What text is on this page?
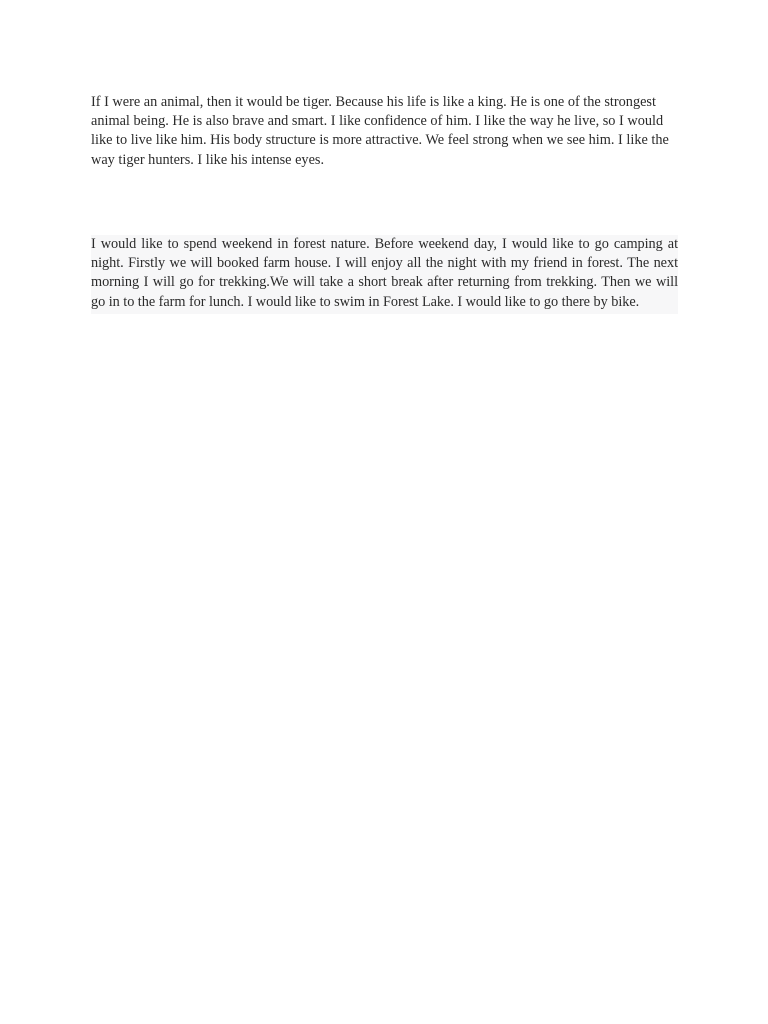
If I were an animal, then it would be tiger. Because his life is like a king. He is one of the strongest animal being. He is also brave and smart. I like confidence of him. I like the way he live, so I would like to live like him. His body structure is more attractive. We feel strong when we see him. I like the way tiger hunters. I like his intense eyes.

I would like to spend weekend in forest nature. Before weekend day, I would like to go camping at night. Firstly we will booked farm house. I will enjoy all the night with my friend in forest. The next morning I will go for trekking.We will take a short break after returning from trekking. Then we will go in to the farm for lunch. I would like to swim in Forest Lake. I would like to go there by bike.
